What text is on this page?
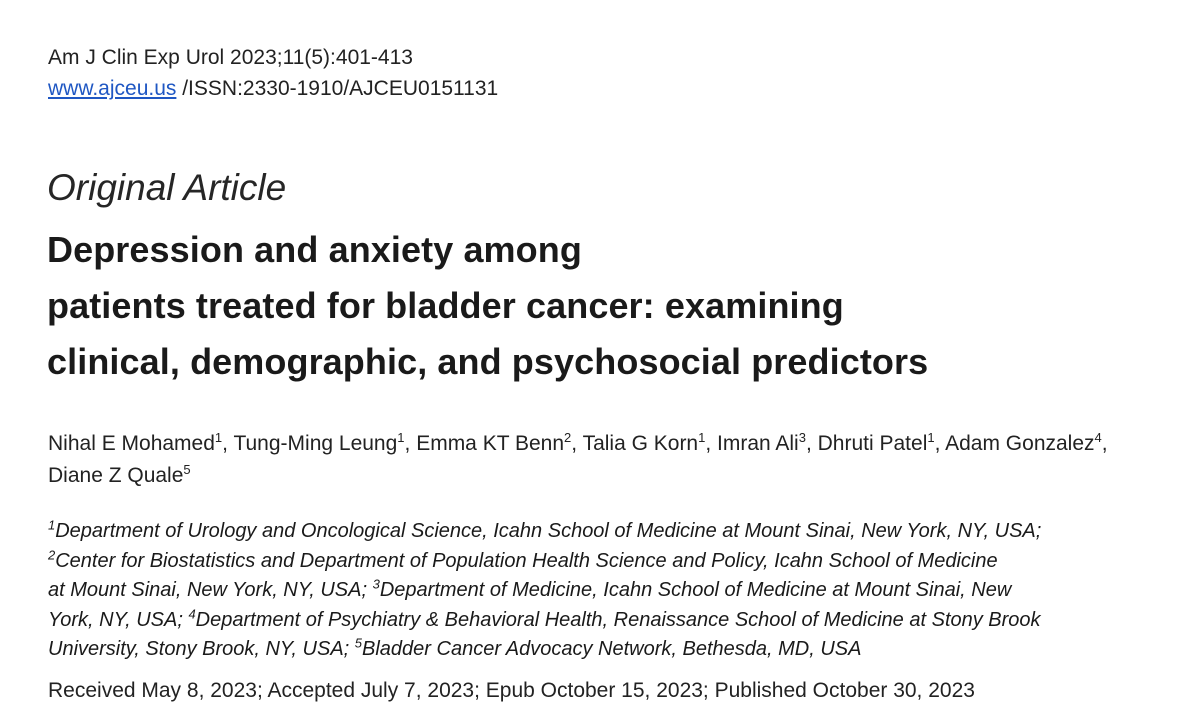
Am J Clin Exp Urol 2023;11(5):401-413
www.ajceu.us /ISSN:2330-1910/AJCEU0151131
Original Article
Depression and anxiety among
patients treated for bladder cancer: examining
clinical, demographic, and psychosocial predictors
Nihal E Mohamed$^1$, Tung-Ming Leung$^1$, Emma KT Benn$^2$, Talia G Korn$^1$, Imran Ali$^3$, Dhruti Patel$^1$, Adam Gonzalez$^4$, Diane Z Quale$^5$
$^1$Department of Urology and Oncological Science, Icahn School of Medicine at Mount Sinai, New York, NY, USA;
$^2$Center for Biostatistics and Department of Population Health Science and Policy, Icahn School of Medicine
at Mount Sinai, New York, NY, USA; $^3$Department of Medicine, Icahn School of Medicine at Mount Sinai, New
York, NY, USA; $^4$Department of Psychiatry & Behavioral Health, Renaissance School of Medicine at Stony Brook
University, Stony Brook, NY, USA; $^5$Bladder Cancer Advocacy Network, Bethesda, MD, USA
Received May 8, 2023; Accepted July 7, 2023; Epub October 15, 2023; Published October 30, 2023
